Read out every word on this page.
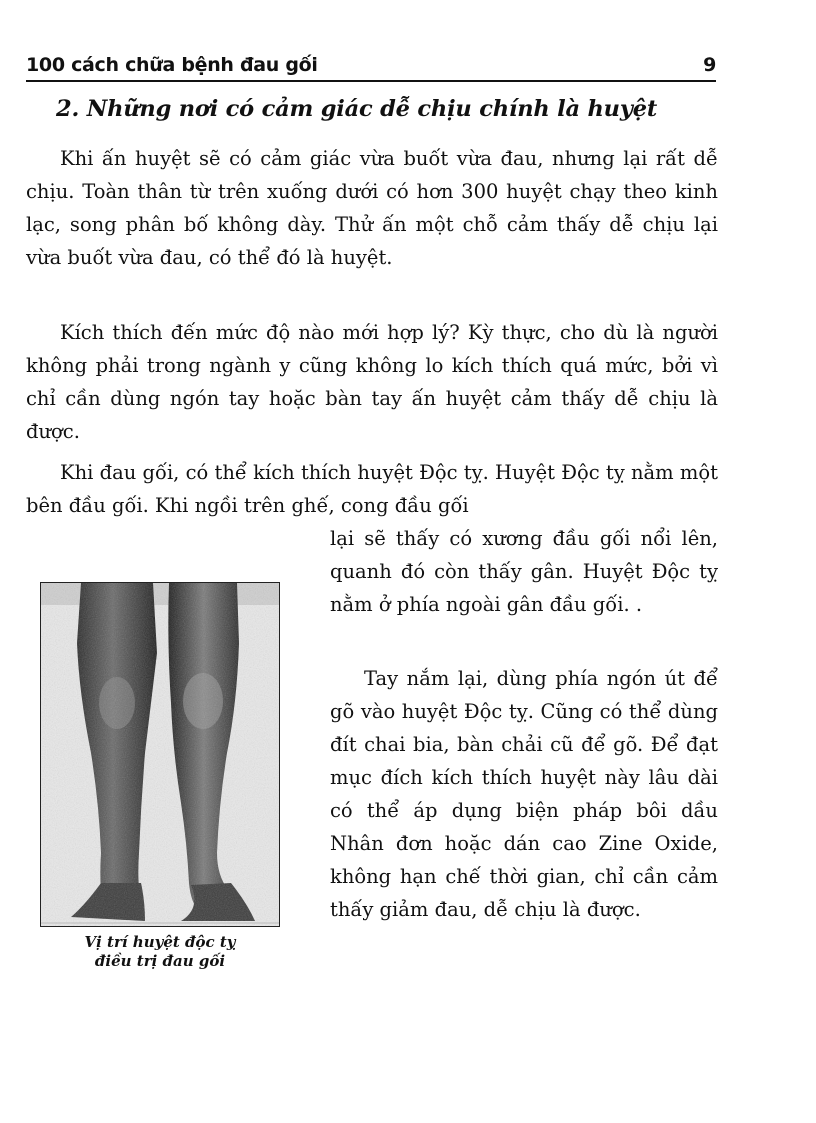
100 cách chữa bệnh đau gối	9
2. Những nơi có cảm giác dễ chịu chính là huyệt

Khi ấn huyệt sẽ có cảm giác vừa buốt vừa đau, nhưng lại rất dễ chịu. Toàn thân từ trên xuống dưới có hơn 300 huyệt chạy theo kinh lạc, song phân bố không dày. Thử ấn một chỗ cảm thấy dễ chịu lại vừa buốt vừa đau, có thể đó là huyệt.

Kích thích đến mức độ nào mới hợp lý? Kỳ thực, cho dù là người không phải trong ngành y cũng không lo kích thích quá mức, bởi vì chỉ cần dùng ngón tay hoặc bàn tay ấn huyệt cảm thấy dễ chịu là được.

Khi đau gối, có thể kích thích huyệt Độc tỵ. Huyệt Độc tỵ nằm một bên đầu gối. Khi ngồi trên ghế, cong đầu gối

lại sẽ thấy có xương đầu gối nổi lên, quanh đó còn thấy gân. Huyệt Độc tỵ nằm ở phía ngoài gân đầu gối. .

Tay nắm lại, dùng phía ngón út để gõ vào huyệt Độc tỵ. Cũng có thể dùng đít chai bia, bàn chải cũ để gõ. Để đạt mục đích kích thích huyệt này lâu dài có thể áp dụng biện pháp bôi dầu Nhân đơn hoặc dán cao Zine Oxide, không hạn chế thời gian, chỉ cần cảm thấy giảm đau, dễ chịu là được.

Vị trí huyệt độc tỵ
điều trị đau gối
